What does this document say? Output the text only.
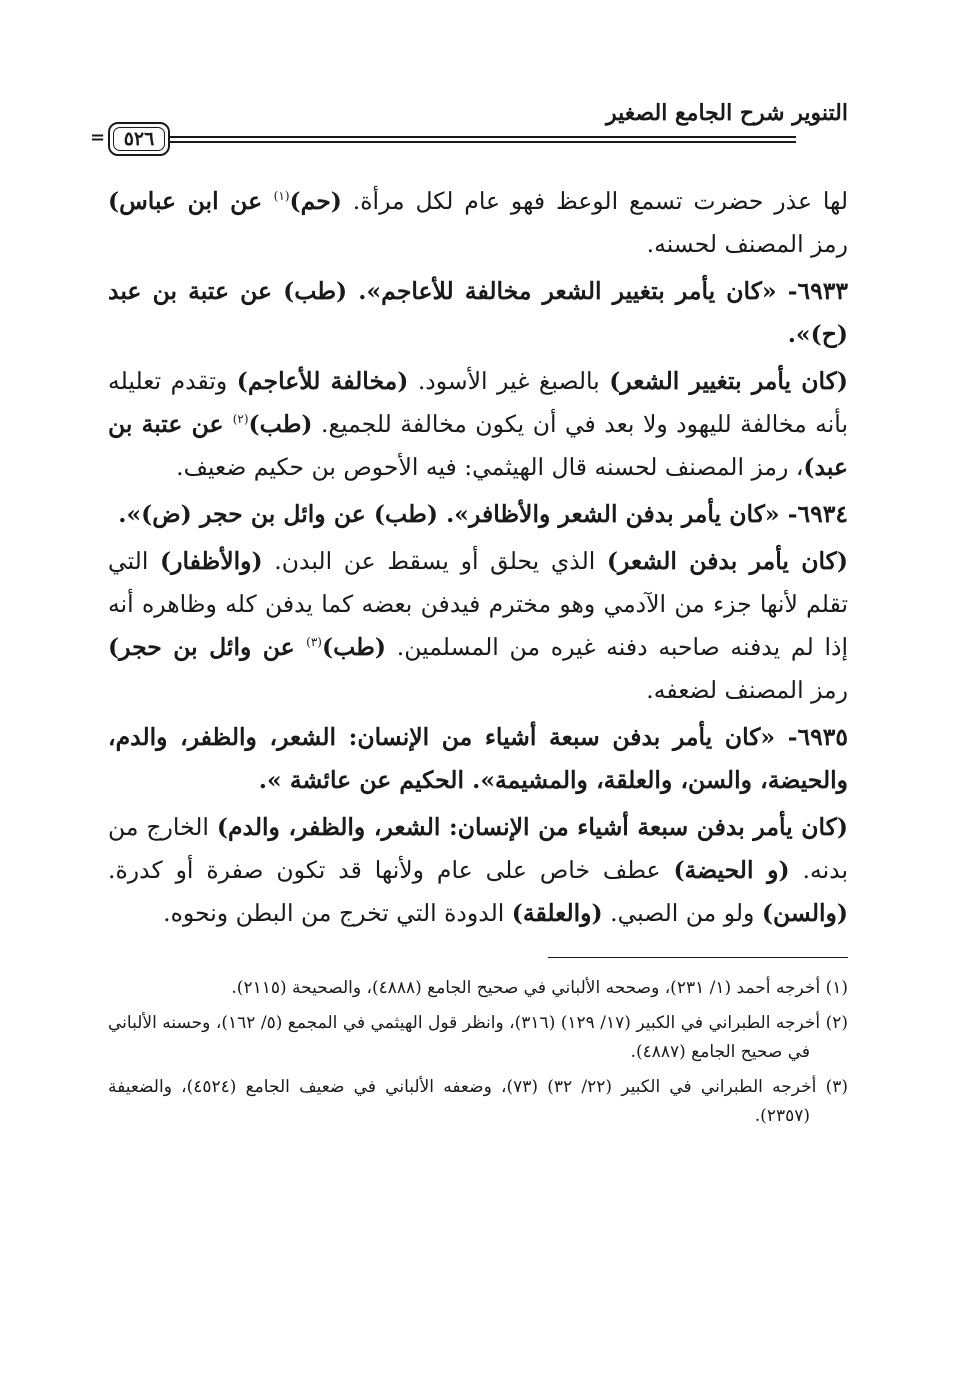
التنوير شرح الجامع الصغير
٥٢٦
=

لها عذر حضرت تسمع الوعظ فهو عام لكل مرأة. (حم)$^{(١)}$ عن ابن عباس) رمز المصنف لحسنه.

٦٩٣٣- «كان يأمر بتغيير الشعر مخالفة للأعاجم». (طب) عن عتبة بن عبد (ح)».

(كان يأمر بتغيير الشعر) بالصبغ غير الأسود. (مخالفة للأعاجم) وتقدم تعليله بأنه مخالفة لليهود ولا بعد في أن يكون مخالفة للجميع. (طب)$^{(٢)}$ عن عتبة بن عبد)، رمز المصنف لحسنه قال الهيثمي: فيه الأحوص بن حكيم ضعيف.

٦٩٣٤- «كان يأمر بدفن الشعر والأظافر». (طب) عن وائل بن حجر (ض)».

(كان يأمر بدفن الشعر) الذي يحلق أو يسقط عن البدن. (والأظفار) التي تقلم لأنها جزء من الآدمي وهو مخترم فيدفن بعضه كما يدفن كله وظاهره أنه إذا لم يدفنه صاحبه دفنه غيره من المسلمين. (طب)$^{(٣)}$ عن وائل بن حجر) رمز المصنف لضعفه.

٦٩٣٥- «كان يأمر بدفن سبعة أشياء من الإنسان: الشعر، والظفر، والدم، والحيضة، والسن، والعلقة، والمشيمة». الحكيم عن عائشة ».

(كان يأمر بدفن سبعة أشياء من الإنسان: الشعر، والظفر، والدم) الخارج من بدنه. (و الحيضة) عطف خاص على عام ولأنها قد تكون صفرة أو كدرة. (والسن) ولو من الصبي. (والعلقة) الدودة التي تخرج من البطن ونحوه.

(١) أخرجه أحمد (١/ ٢٣١)، وصححه الألباني في صحيح الجامع (٤٨٨٨)، والصحيحة (٢١١٥).
(٢) أخرجه الطبراني في الكبير (١٧/ ١٢٩) (٣١٦)، وانظر قول الهيثمي في المجمع (٥/ ١٦٢)، وحسنه الألباني في صحيح الجامع (٤٨٨٧).
(٣) أخرجه الطبراني في الكبير (٢٢/ ٣٢) (٧٣)، وضعفه الألباني في ضعيف الجامع (٤٥٢٤)، والضعيفة (٢٣٥٧).
